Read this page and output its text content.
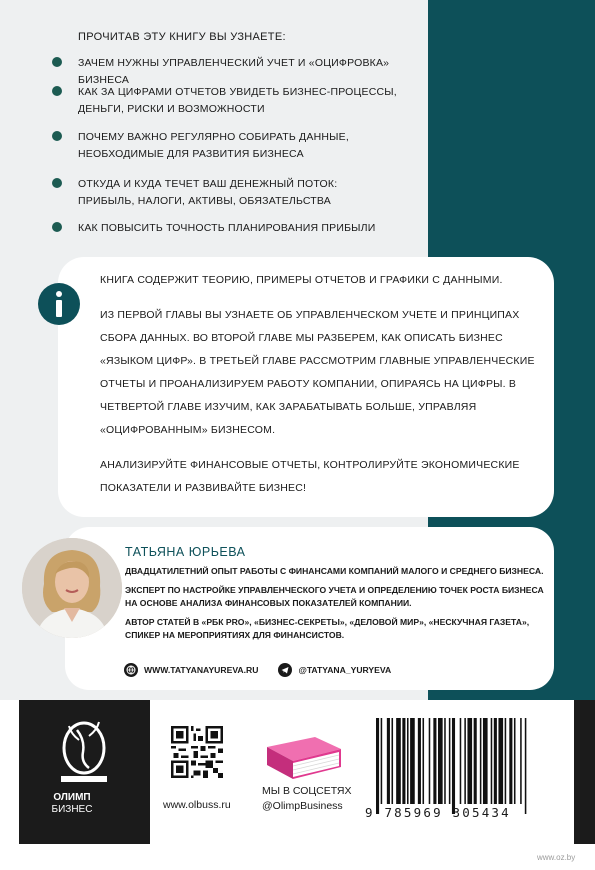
ПРОЧИТАВ ЭТУ КНИГУ ВЫ УЗНАЕТЕ:
ЗАЧЕМ НУЖНЫ УПРАВЛЕНЧЕСКИЙ УЧЕТ И «ОЦИФРОВКА» БИЗНЕСА
КАК ЗА ЦИФРАМИ ОТЧЕТОВ УВИДЕТЬ БИЗНЕС-ПРОЦЕССЫ,
ДЕНЬГИ, РИСКИ И ВОЗМОЖНОСТИ
ПОЧЕМУ ВАЖНО РЕГУЛЯРНО СОБИРАТЬ ДАННЫЕ,
НЕОБХОДИМЫЕ ДЛЯ РАЗВИТИЯ БИЗНЕСА
ОТКУДА И КУДА ТЕЧЕТ ВАШ ДЕНЕЖНЫЙ ПОТОК:
ПРИБЫЛЬ, НАЛОГИ, АКТИВЫ, ОБЯЗАТЕЛЬСТВА
КАК ПОВЫСИТЬ ТОЧНОСТЬ ПЛАНИРОВАНИЯ ПРИБЫЛИ

КНИГА СОДЕРЖИТ ТЕОРИЮ, ПРИМЕРЫ ОТЧЕТОВ И ГРАФИКИ С ДАННЫМИ.

ИЗ ПЕРВОЙ ГЛАВЫ ВЫ УЗНАЕТЕ ОБ УПРАВЛЕНЧЕСКОМ УЧЕТЕ И ПРИНЦИПАХ СБОРА ДАННЫХ. ВО ВТОРОЙ ГЛАВЕ МЫ РАЗБЕРЕМ, КАК ОПИСАТЬ БИЗНЕС «ЯЗЫКОМ ЦИФР». В ТРЕТЬЕЙ ГЛАВЕ РАССМОТРИМ ГЛАВНЫЕ УПРАВЛЕНЧЕСКИЕ ОТЧЕТЫ И ПРОАНАЛИЗИРУЕМ РАБОТУ КОМПАНИИ, ОПИРАЯСЬ НА ЦИФРЫ. В ЧЕТВЕРТОЙ ГЛАВЕ ИЗУЧИМ, КАК ЗАРАБАТЫВАТЬ БОЛЬШЕ, УПРАВЛЯЯ «ОЦИФРОВАННЫМ» БИЗНЕСОМ.

АНАЛИЗИРУЙТЕ ФИНАНСОВЫЕ ОТЧЕТЫ, КОНТРОЛИРУЙТЕ ЭКОНОМИЧЕСКИЕ ПОКАЗАТЕЛИ И РАЗВИВАЙТЕ БИЗНЕС!

ТАТЬЯНА ЮРЬЕВА

ДВАДЦАТИЛЕТНИЙ ОПЫТ РАБОТЫ С ФИНАНСАМИ КОМПАНИЙ МАЛОГО И СРЕДНЕГО БИЗНЕСА.

ЭКСПЕРТ ПО НАСТРОЙКЕ УПРАВЛЕНЧЕСКОГО УЧЕТА И ОПРЕДЕЛЕНИЮ ТОЧЕК РОСТА БИЗНЕСА НА ОСНОВЕ АНАЛИЗА ФИНАНСОВЫХ ПОКАЗАТЕЛЕЙ КОМПАНИИ.

АВТОР СТАТЕЙ В «РБК PRO», «БИЗНЕС-СЕКРЕТЫ», «ДЕЛОВОЙ МИР», «НЕСКУЧНАЯ ГАЗЕТА», СПИКЕР НА МЕРОПРИЯТИЯХ ДЛЯ ФИНАНСИСТОВ.

WWW.TATYANAYUREVA.RU	@TATYANA_YURYEVA
ОЛИМП
БИЗНЕС	www.olbuss.ru
МЫ В СОЦСЕТЯХ
@OlimpBusiness	9 785969 305434
www.oz.by
